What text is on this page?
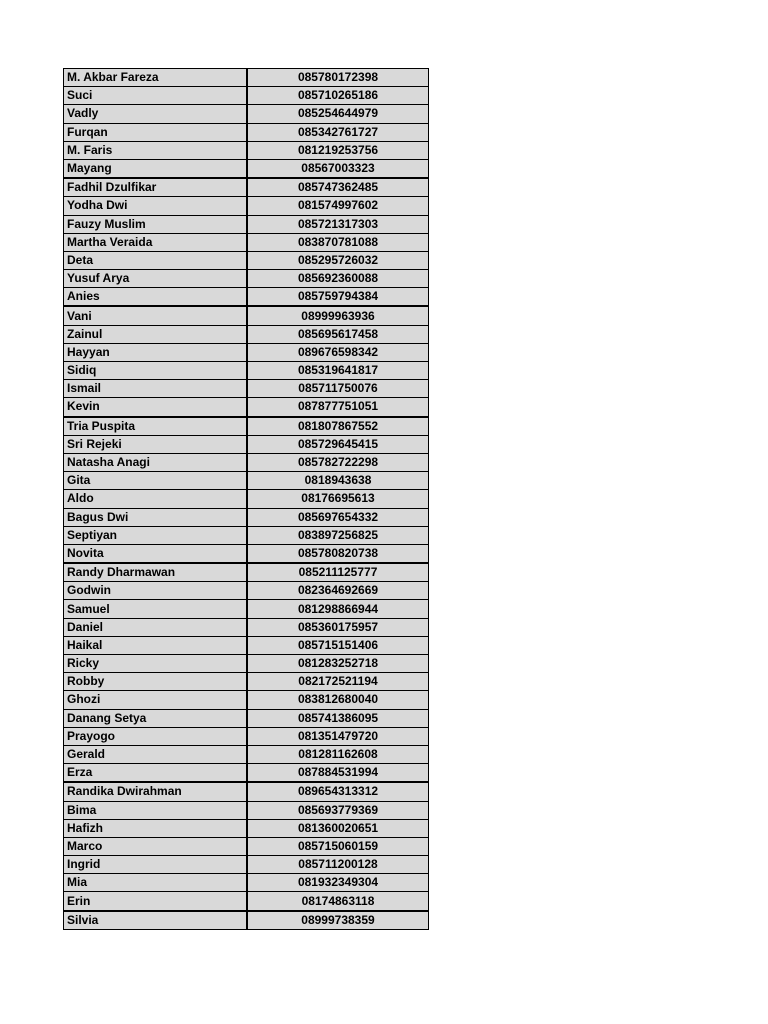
M. Akbar Fareza	085780172398
Suci	085710265186
Vadly	085254644979
Furqan	085342761727
M. Faris	081219253756
Mayang	08567003323
Fadhil Dzulfikar	085747362485
Yodha Dwi	081574997602
Fauzy Muslim	085721317303
Martha Veraida	083870781088
Deta	085295726032
Yusuf Arya	085692360088
Anies	085759794384
Vani	08999963936
Zainul	085695617458
Hayyan	089676598342
Sidiq	085319641817
Ismail	085711750076
Kevin	087877751051
Tria Puspita	081807867552
Sri Rejeki	085729645415
Natasha Anagi	085782722298
Gita	0818943638
Aldo	08176695613
Bagus Dwi	085697654332
Septiyan	083897256825
Novita	085780820738
Randy Dharmawan	085211125777
Godwin	082364692669
Samuel	081298866944
Daniel	085360175957
Haikal	085715151406
Ricky	081283252718
Robby	082172521194
Ghozi	083812680040
Danang Setya	085741386095
Prayogo	081351479720
Gerald	081281162608
Erza	087884531994
Randika Dwirahman	089654313312
Bima	085693779369
Hafizh	081360020651
Marco	085715060159
Ingrid	085711200128
Mia	081932349304
Erin	08174863118
Silvia	08999738359
